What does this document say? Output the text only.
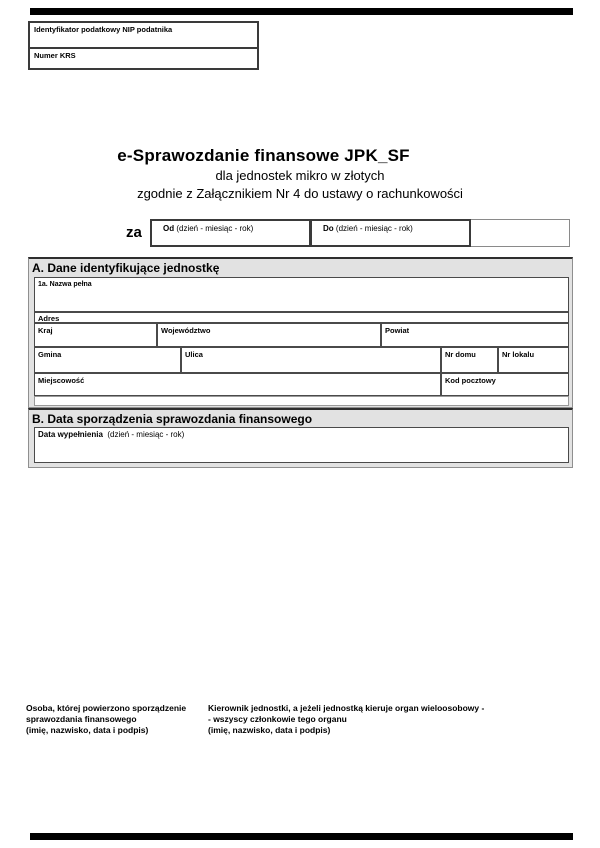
Identyfikator podatkowy NIP podatnika
Numer KRS
e-Sprawozdanie finansowe JPK_SF
dla jednostek mikro w złotych
zgodnie z Załącznikiem Nr 4 do ustawy o rachunkowości
za	Od (dzień - miesiąc - rok)	Do (dzień - miesiąc - rok)
A. Dane identyfikujące jednostkę
1a. Nazwa pełna
Adres
Kraj	Województwo	Powiat
Gmina	Ulica	Nr domu	Nr lokalu
Miejscowość	Kod pocztowy
B. Data sporządzenia sprawozdania finansowego
Data wypełnienia (dzień - miesiąc - rok)
Osoba, której powierzono sporządzenie
sprawozdania finansowego
(imię, nazwisko, data i podpis)
Kierownik jednostki, a jeżeli jednostką kieruje organ wieloosobowy -
- wszyscy członkowie tego organu
(imię, nazwisko, data i podpis)
